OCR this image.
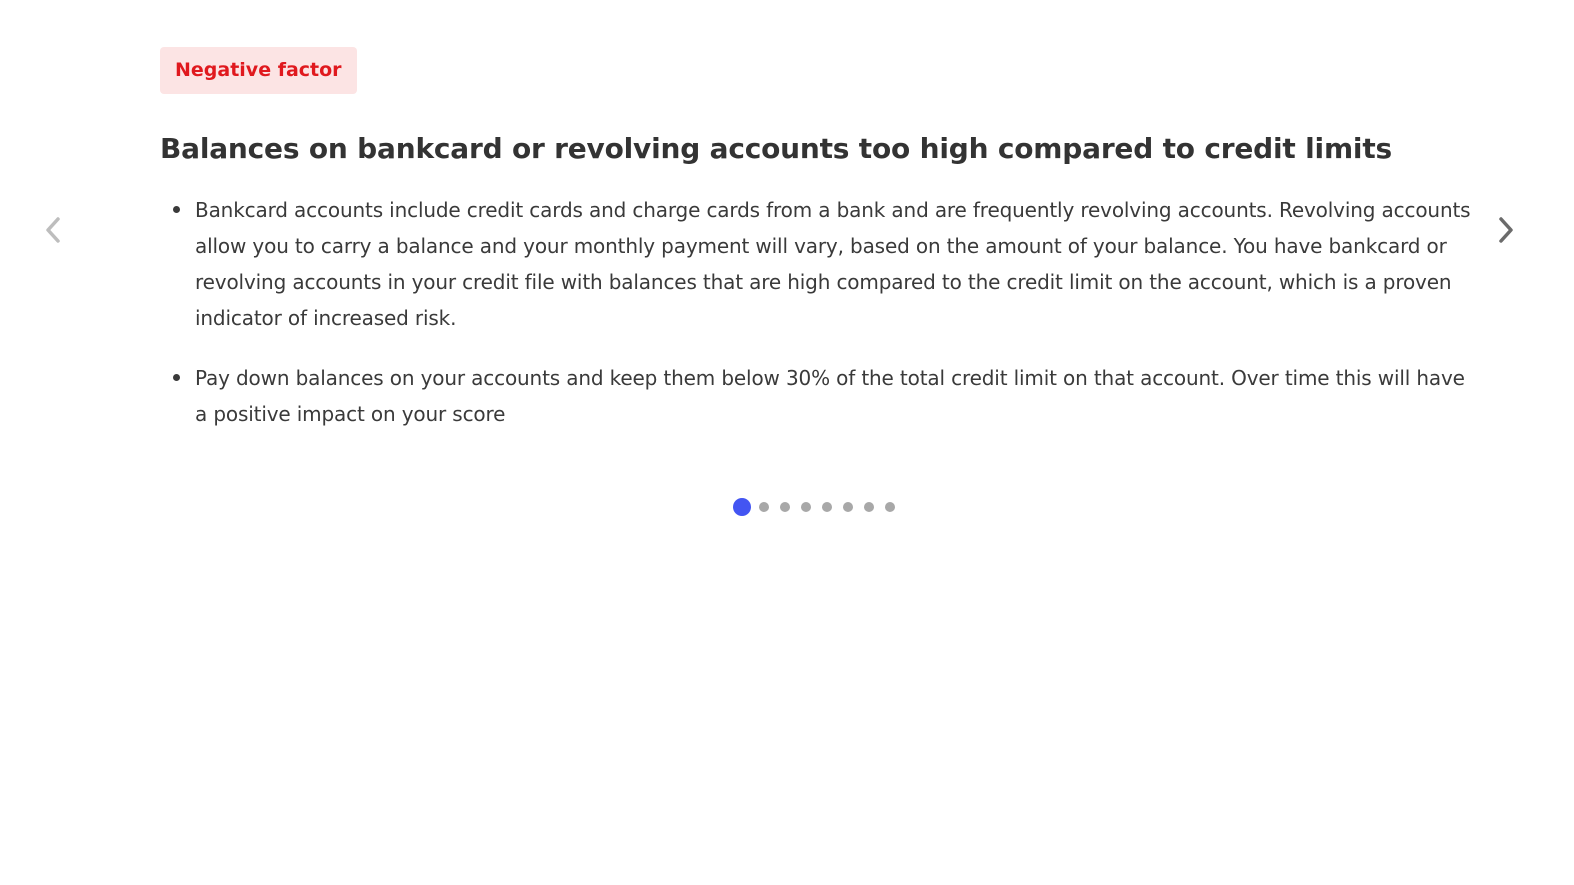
Negative factor
Balances on bankcard or revolving accounts too high compared to credit limits
Bankcard accounts include credit cards and charge cards from a bank and are frequently revolving accounts. Revolving accounts allow you to carry a balance and your monthly payment will vary, based on the amount of your balance. You have bankcard or revolving accounts in your credit file with balances that are high compared to the credit limit on the account, which is a proven indicator of increased risk.
Pay down balances on your accounts and keep them below 30% of the total credit limit on that account. Over time this will have a positive impact on your score
